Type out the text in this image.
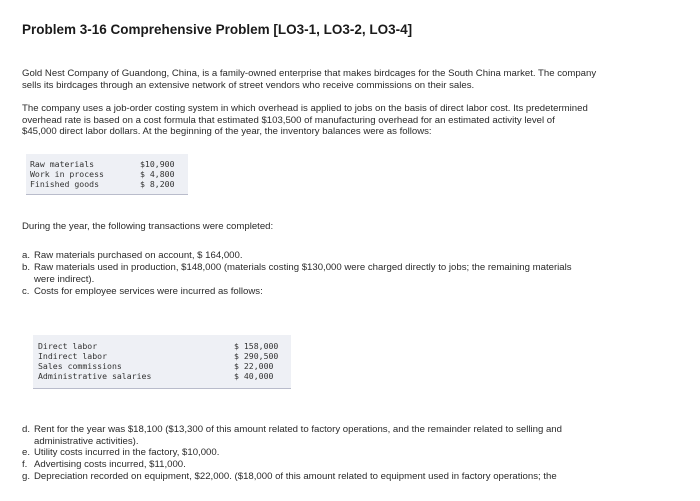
Problem 3-16 Comprehensive Problem [LO3-1, LO3-2, LO3-4]
Gold Nest Company of Guandong, China, is a family-owned enterprise that makes birdcages for the South China market. The company
sells its birdcages through an extensive network of street vendors who receive commissions on their sales.
The company uses a job-order costing system in which overhead is applied to jobs on the basis of direct labor cost. Its predetermined
overhead rate is based on a cost formula that estimated $103,500 of manufacturing overhead for an estimated activity level of
$45,000 direct labor dollars. At the beginning of the year, the inventory balances were as follows:
Raw materials	$10,900
Work in process	$ 4,800
Finished goods	$ 8,200
During the year, the following transactions were completed:
a. Raw materials purchased on account, $ 164,000.
b. Raw materials used in production, $148,000 (materials costing $130,000 were charged directly to jobs; the remaining materials
were indirect).
c. Costs for employee services were incurred as follows:
Direct labor	$ 158,000
Indirect labor	$ 290,500
Sales commissions	$ 22,000
Administrative salaries	$ 40,000
d. Rent for the year was $18,100 ($13,300 of this amount related to factory operations, and the remainder related to selling and
administrative activities).
e. Utility costs incurred in the factory, $10,000.
f. Advertising costs incurred, $11,000.
g. Depreciation recorded on equipment, $22,000. ($18,000 of this amount related to equipment used in factory operations; the
